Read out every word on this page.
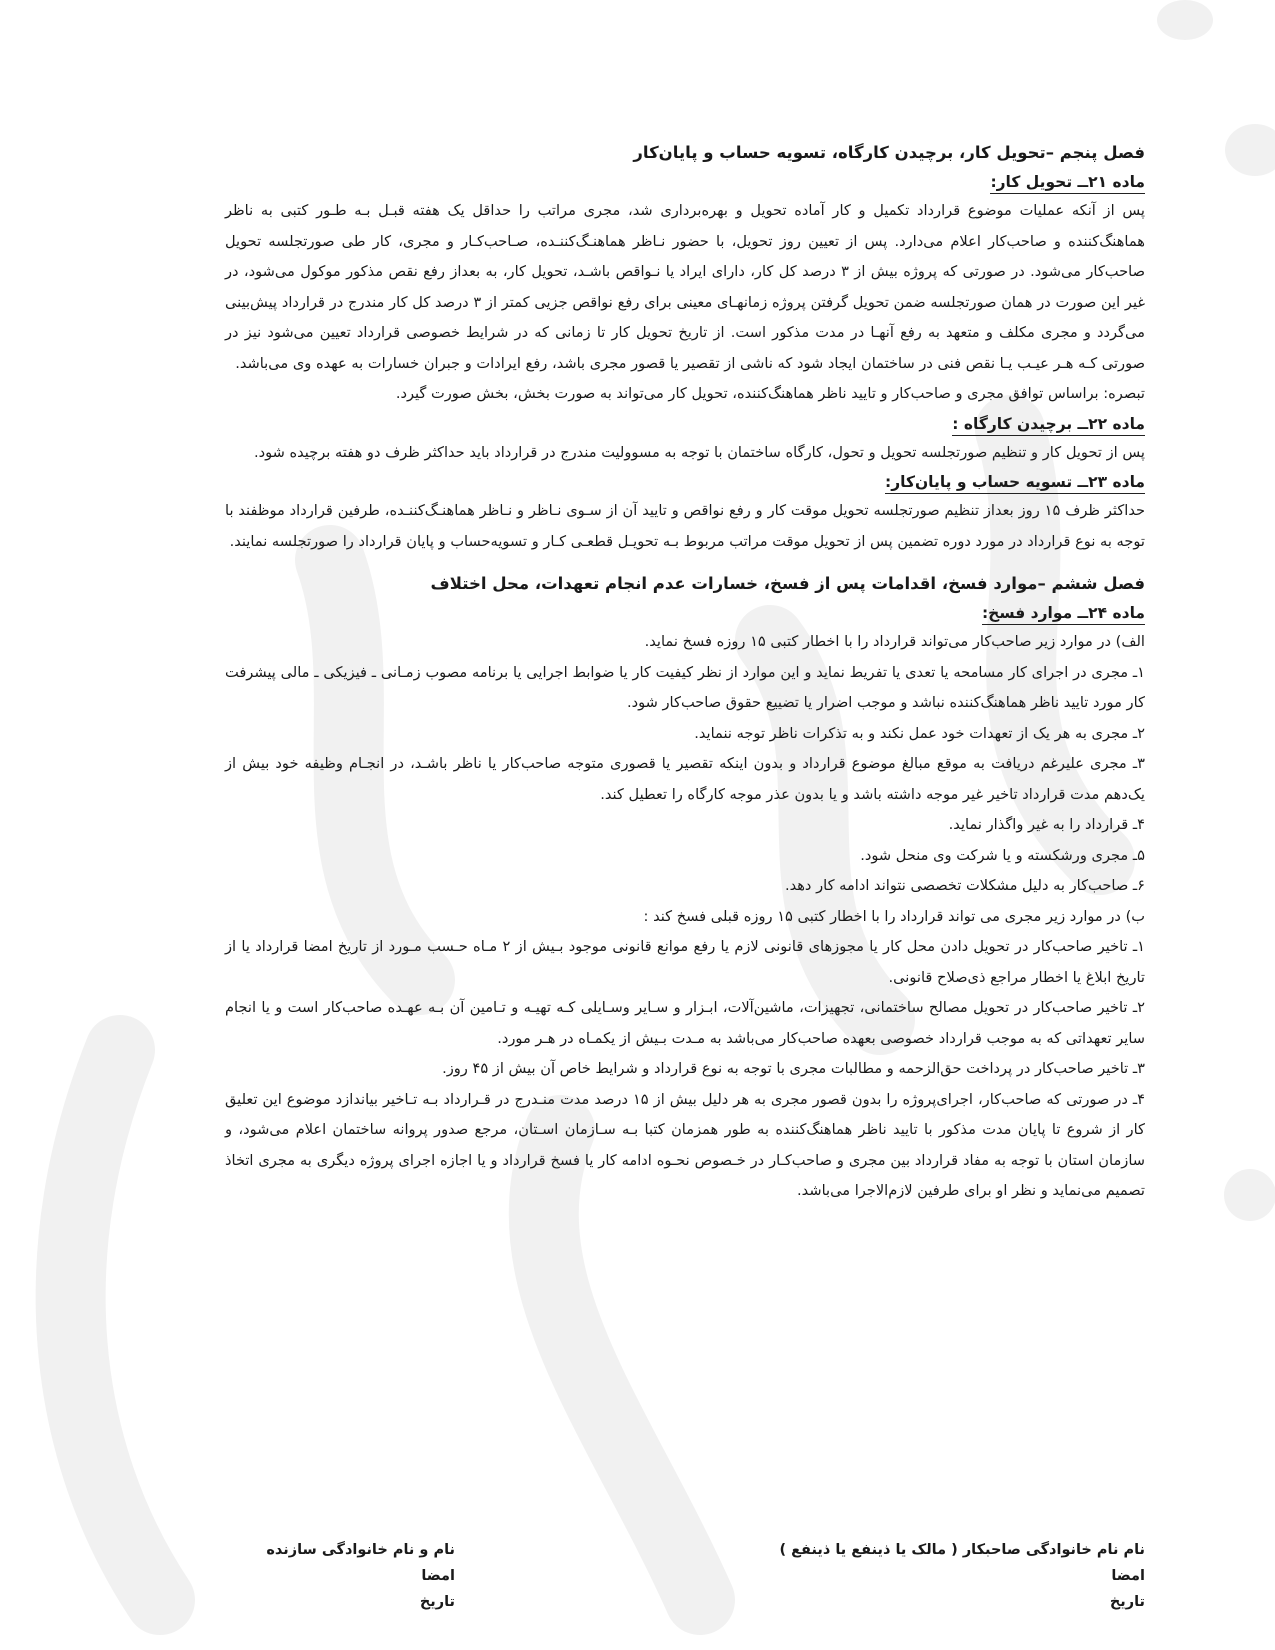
فصل پنجم –تحویل کار، برچیدن کارگاه، تسویه حساب و پایان‌کار

ماده ۲۱ــ تحویل کار:

پس از آنکه عملیات موضوع قرارداد تکمیل و کار آماده تحویل و بهره‌برداری شد، مجری مراتب را حداقل یک هفته قبـل بـه طـور کتبی به ناظر هماهنگ‌کننده و صاحب‌کار اعلام می‌دارد. پس از تعیین روز تحویل، با حضور نـاظر هماهنـگ‌کننـده، صـاحب‌کـار و مجری، کار طی صورتجلسه تحویل صاحب‌کار می‌شود. در صورتی که پروژه بیش از ۳ درصد کل کار، دارای ایراد یا نـواقص باشـد، تحویل کار، به بعداز رفع نقص مذکور موکول می‌شود، در غیر این صورت در همان صورتجلسه ضمن تحویل گرفتن پروژه زمانهـای معینی برای رفع نواقص جزیی کمتر از ۳ درصد کل کار مندرج در قرارداد پیش‌بینی می‌گردد و مجری مکلف و متعهد به رفع آنهـا در مدت مذکور است. از تاریخ تحویل کار تا زمانی که در شرایط خصوصی قرارداد تعیین می‌شود نیز در صورتی کـه هـر عیـب یـا نقص فنی در ساختمان ایجاد شود که ناشی از تقصیر یا قصور مجری باشد، رفع ایرادات و جبران خسارات به عهده وی می‌باشد.

تبصره: براساس توافق مجری و صاحب‌کار و تایید ناظر هماهنگ‌کننده، تحویل کار می‌تواند به صورت بخش، بخش صورت گیرد.

ماده ۲۲ــ برچیدن کارگاه :

پس از تحویل کار و تنظیم صورتجلسه تحویل و تحول، کارگاه ساختمان با توجه به مسوولیت مندرج در قرارداد باید حداکثر ظرف دو هفته برچیده شود.

ماده ۲۳ــ تسویه حساب و پایان‌کار:

حداکثر ظرف ۱۵ روز بعداز تنظیم صورتجلسه تحویل موقت کار و رفع نواقص و تایید آن از سـوی نـاظر و نـاظر هماهنـگ‌کننـده، طرفین قرارداد موظفند با توجه به نوع قرارداد در مورد دوره تضمین پس از تحویل موقت مراتب مربوط بـه تحویـل قطعـی کـار و تسویه‌حساب و پایان قرارداد را صورتجلسه نمایند.

فصل ششم –موارد فسخ، اقدامات پس از فسخ، خسارات عدم انجام تعهدات، محل اختلاف

ماده ۲۴ــ موارد فسخ:

الف) در موارد زیر صاحب‌کار می‌تواند قرارداد را با اخطار کتبی ۱۵ روزه فسخ نماید.

۱ـ مجری در اجرای کار مسامحه یا تعدی یا تفریط نماید و این موارد از نظر کیفیت کار یا ضوابط اجرایی یا برنامه مصوب زمـانی ـ فیزیکی ـ مالی پیشرفت کار مورد تایید ناظر هماهنگ‌کننده نباشد و موجب اضرار یا تضییع حقوق صاحب‌کار شود.

۲ـ مجری به هر یک از تعهدات خود عمل نکند و به تذکرات ناظر توجه ننماید.

۳ـ مجری علیرغم دریافت به موقع مبالغ موضوع قرارداد و بدون اینکه تقصیر یا قصوری متوجه صاحب‌کار یا ناظر باشـد، در انجـام وظیفه خود بیش از یک‌دهم مدت قرارداد تاخیر غیر موجه داشته باشد و یا بدون عذر موجه کارگاه را تعطیل کند.

۴ـ قرارداد را به غیر واگذار نماید.

۵ـ مجری ورشکسته و یا شرکت وی منحل شود.

۶ـ صاحب‌کار به دلیل مشکلات تخصصی نتواند ادامه کار دهد.

ب) در موارد زیر مجری می تواند قرارداد را با اخطار کتبی ۱۵ روزه قبلی فسخ کند :

۱ـ تاخیر صاحب‌کار در تحویل دادن محل کار یا مجوزهای قانونی لازم یا رفع موانع قانونی موجود بـیش از ۲ مـاه حـسب مـورد از تاریخ امضا قرارداد یا از تاریخ ابلاغ یا اخطار مراجع ذی‌صلاح قانونی.

۲ـ تاخیر صاحب‌کار در تحویل مصالح ساختمانی، تجهیزات، ماشین‌آلات، ابـزار و سـایر وسـایلی کـه تهیـه و تـامین آن بـه عهـده صاحب‌کار است و یا انجام سایر تعهداتی که به موجب قرارداد خصوصی بعهده صاحب‌کار می‌باشد به مـدت بـیش از یکمـاه در هـر مورد.

۳ـ تاخیر صاحب‌کار در پرداخت حق‌الزحمه و مطالبات مجری با توجه به نوع قرارداد و شرایط خاص آن بیش از ۴۵ روز.

۴ـ در صورتی که صاحب‌کار، اجرای‌پروژه را بدون قصور مجری به هر دلیل بیش از ۱۵ درصد مدت منـدرج در قـرارداد بـه تـاخیر بیاندازد موضوع این تعلیق کار از شروع تا پایان مدت مذکور با تایید ناظر هماهنگ‌کننده به طور همزمان کتبا بـه سـازمان اسـتان، مرجع صدور پروانه ساختمان اعلام می‌شود، و سازمان استان با توجه به مفاد قرارداد بین مجری و صاحب‌کـار در خـصوص نحـوه ادامه کار یا فسخ قرارداد و یا اجازه اجرای پروژه دیگری به مجری اتخاذ تصمیم می‌نماید و نظر او برای طرفین لازم‌الاجرا می‌باشد.

نام نام خانوادگی صاحبکار ( مالک یا ذینفع یا ذینفع )
امضا
تاریخ
نام و نام خانوادگی سازنده
امضا
تاریخ
